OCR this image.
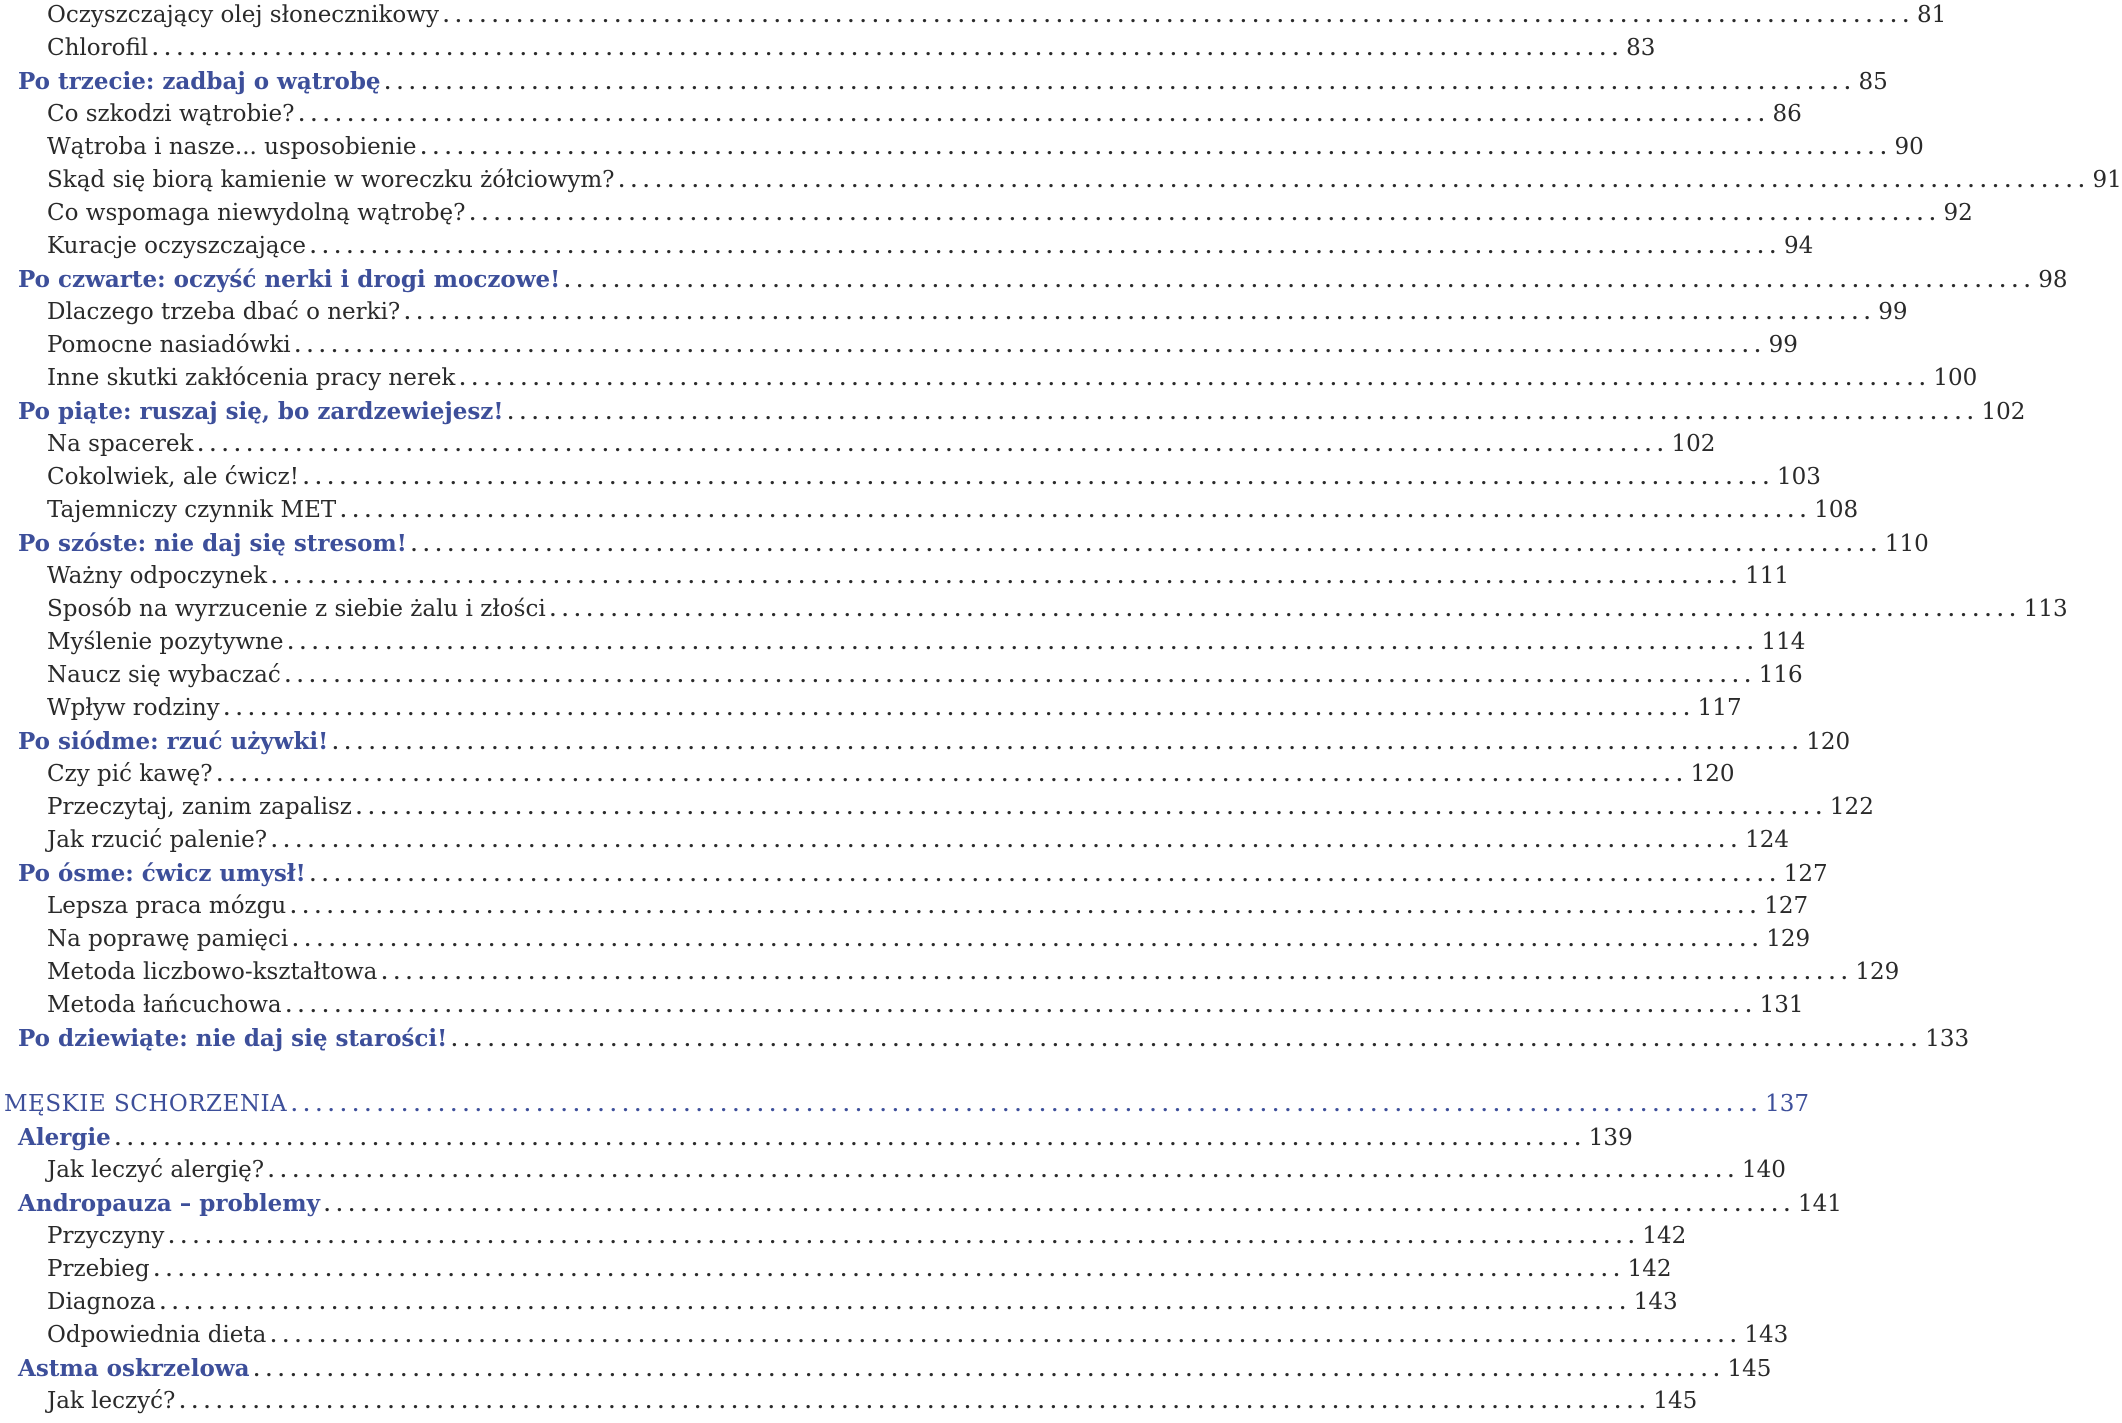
Oczyszczający olej słonecznikowy ........................................................................................................................ 81
Chlorofil ........................................................................................................................ 83
Po trzecie: zadbaj o wątrobę ........................................................................................................................ 85
Co szkodzi wątrobie? ........................................................................................................................ 86
Wątroba i nasze... usposobienie ........................................................................................................................ 90
Skąd się biorą kamienie w woreczku żółciowym? ........................................................................................................................ 91
Co wspomaga niewydolną wątrobę? ........................................................................................................................ 92
Kuracje oczyszczające ........................................................................................................................ 94
Po czwarte: oczyść nerki i drogi moczowe! ........................................................................................................................ 98
Dlaczego trzeba dbać o nerki? ........................................................................................................................ 99
Pomocne nasiadówki ........................................................................................................................ 99
Inne skutki zakłócenia pracy nerek ........................................................................................................................ 100
Po piąte: ruszaj się, bo zardzewiejesz! ........................................................................................................................ 102
Na spacerek ........................................................................................................................ 102
Cokolwiek, ale ćwicz! ........................................................................................................................ 103
Tajemniczy czynnik MET ........................................................................................................................ 108
Po szóste: nie daj się stresom! ........................................................................................................................ 110
Ważny odpoczynek ........................................................................................................................ 111
Sposób na wyrzucenie z siebie żalu i złości ........................................................................................................................ 113
Myślenie pozytywne ........................................................................................................................ 114
Naucz się wybaczać ........................................................................................................................ 116
Wpływ rodziny ........................................................................................................................ 117
Po siódme: rzuć używki! ........................................................................................................................ 120
Czy pić kawę? ........................................................................................................................ 120
Przeczytaj, zanim zapalisz ........................................................................................................................ 122
Jak rzucić palenie? ........................................................................................................................ 124
Po ósme: ćwicz umysł! ........................................................................................................................ 127
Lepsza praca mózgu ........................................................................................................................ 127
Na poprawę pamięci ........................................................................................................................ 129
Metoda liczbowo-kształtowa ........................................................................................................................ 129
Metoda łańcuchowa ........................................................................................................................ 131
Po dziewiąte: nie daj się starości! ........................................................................................................................ 133
MĘSKIE SCHORZENIA ........................................................................................................................ 137
Alergie ........................................................................................................................ 139
Jak leczyć alergię? ........................................................................................................................ 140
Andropauza – problemy ........................................................................................................................ 141
Przyczyny ........................................................................................................................ 142
Przebieg ........................................................................................................................ 142
Diagnoza ........................................................................................................................ 143
Odpowiednia dieta ........................................................................................................................ 143
Astma oskrzelowa ........................................................................................................................ 145
Jak leczyć? ........................................................................................................................ 145
